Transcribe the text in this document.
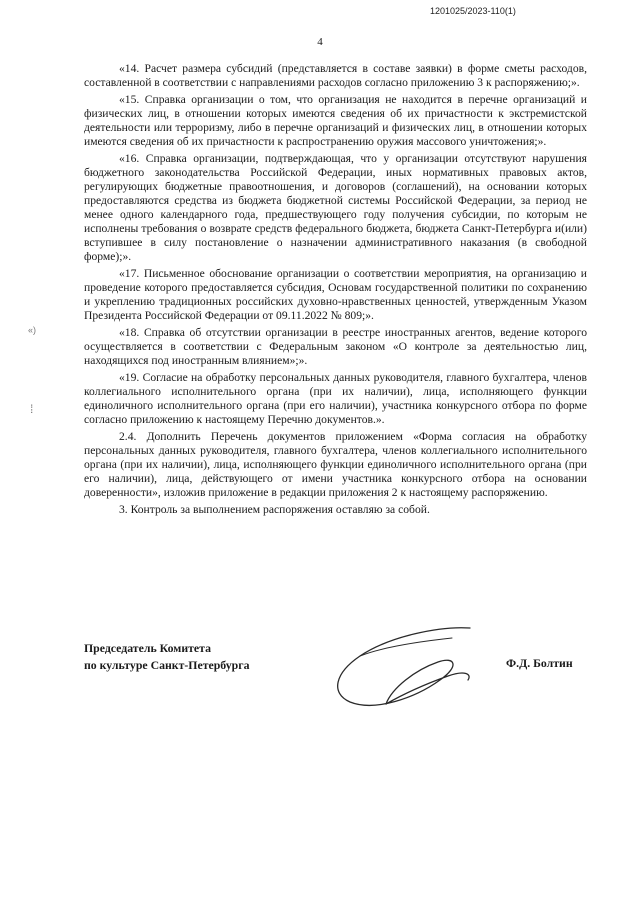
1201025/2023-110(1)
4
«)
⁞

«14. Расчет размера субсидий (представляется в составе заявки) в форме сметы расходов, составленной в соответствии с направлениями расходов согласно приложению 3 к распоряжению;».

«15. Справка организации о том, что организация не находится в перечне организаций и физических лиц, в отношении которых имеются сведения об их причастности к экстремистской деятельности или терроризму, либо в перечне организаций и физических лиц, в отношении которых имеются сведения об их причастности к распространению оружия массового уничтожения;».

«16. Справка организации, подтверждающая, что у организации отсутствуют нарушения бюджетного законодательства Российской Федерации, иных нормативных правовых актов, регулирующих бюджетные правоотношения, и договоров (соглашений), на основании которых предоставляются средства из бюджета бюджетной системы Российской Федерации, за период не менее одного календарного года, предшествующего году получения субсидии, по которым не исполнены требования о возврате средств федерального бюджета, бюджета Санкт-Петербурга и(или) вступившее в силу постановление о назначении административного наказания (в свободной форме);».

«17. Письменное обоснование организации о соответствии мероприятия, на организацию и проведение которого предоставляется субсидия, Основам государственной политики по сохранению и укреплению традиционных российских духовно-нравственных ценностей, утвержденным Указом Президента Российской Федерации от 09.11.2022 № 809;».

«18. Справка об отсутствии организации в реестре иностранных агентов, ведение которого осуществляется в соответствии с Федеральным законом «О контроле за деятельностью лиц, находящихся под иностранным влиянием»;».

«19. Согласие на обработку персональных данных руководителя, главного бухгалтера, членов коллегиального исполнительного органа (при их наличии), лица, исполняющего функции единоличного исполнительного органа (при его наличии), участника конкурсного отбора по форме согласно приложению к настоящему Перечню документов.».

2.4. Дополнить Перечень документов приложением «Форма согласия на обработку персональных данных руководителя, главного бухгалтера, членов коллегиального исполнительного органа (при их наличии), лица, исполняющего функции единоличного исполнительного органа (при его наличии), лица, действующего от имени участника конкурсного отбора на основании доверенности», изложив приложение в редакции приложения 2 к настоящему распоряжению.

3. Контроль за выполнением распоряжения оставляю за собой.

Председатель Комитета
по культуре Санкт-Петербурга	Ф.Д. Болтин
